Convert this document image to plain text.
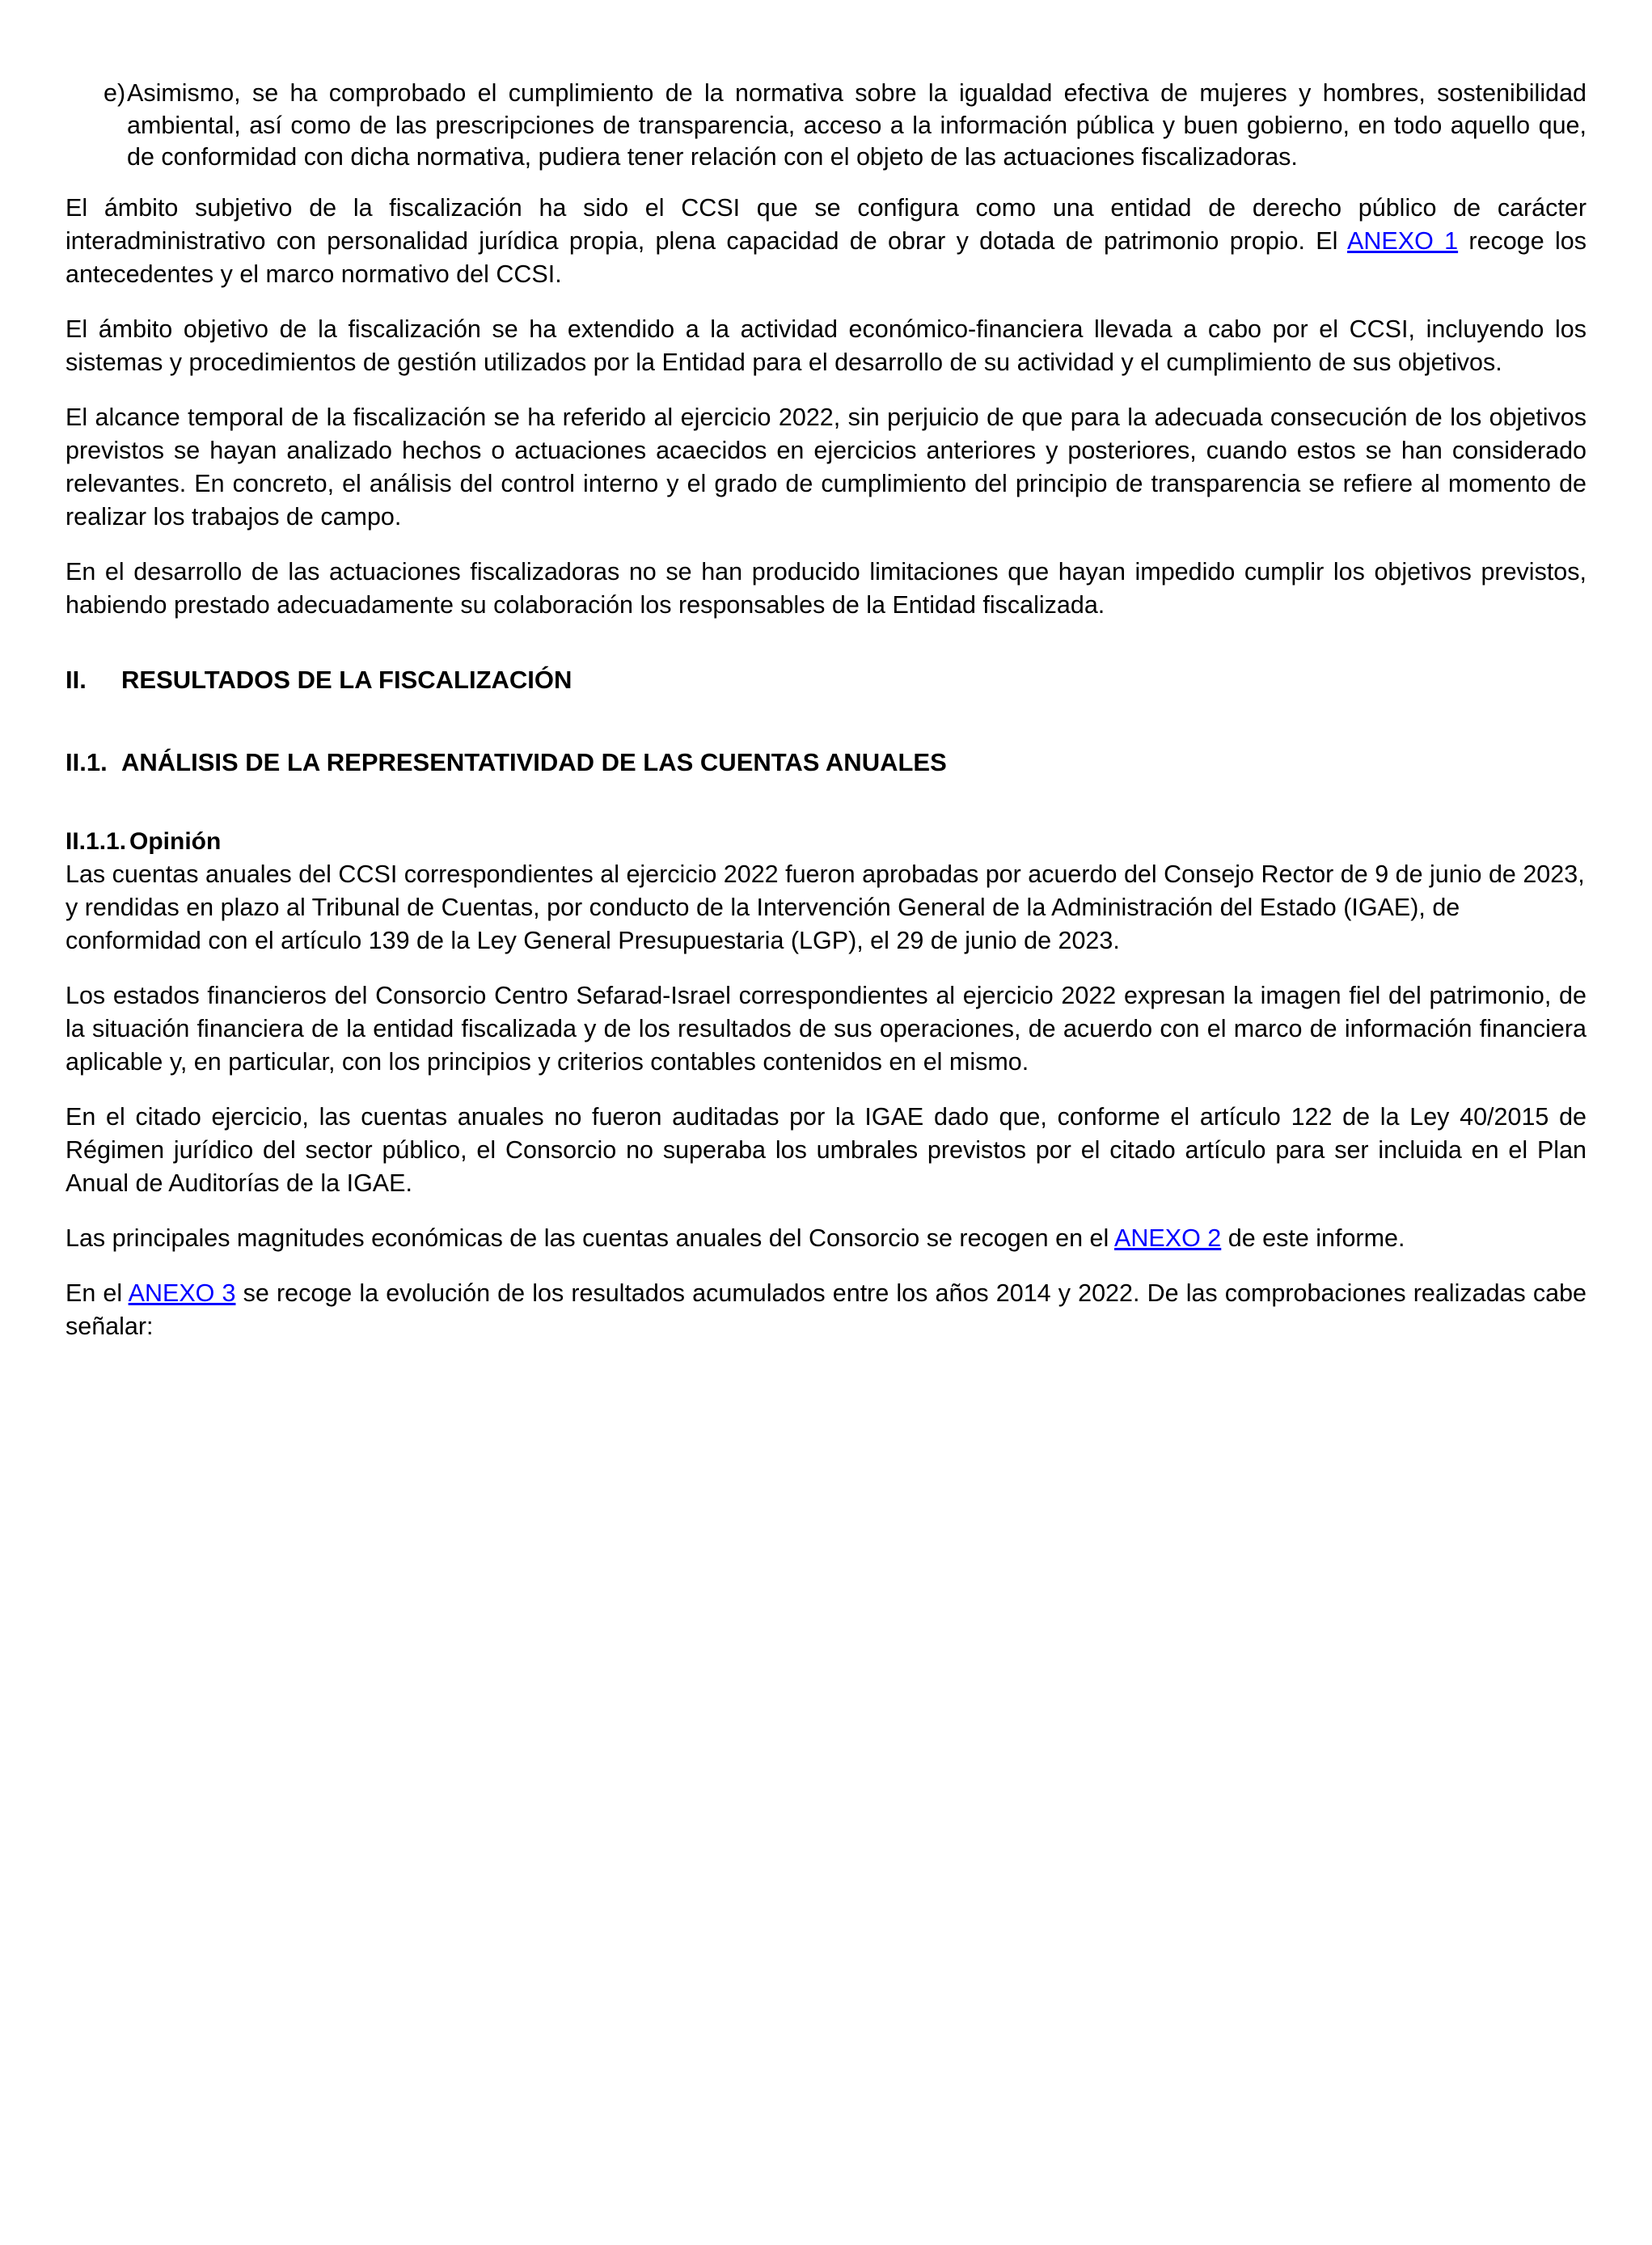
e) Asimismo, se ha comprobado el cumplimiento de la normativa sobre la igualdad efectiva de mujeres y hombres, sostenibilidad ambiental, así como de las prescripciones de transparencia, acceso a la información pública y buen gobierno, en todo aquello que, de conformidad con dicha normativa, pudiera tener relación con el objeto de las actuaciones fiscalizadoras.

El ámbito subjetivo de la fiscalización ha sido el CCSI que se configura como una entidad de derecho público de carácter interadministrativo con personalidad jurídica propia, plena capacidad de obrar y dotada de patrimonio propio. El ANEXO 1 recoge los antecedentes y el marco normativo del CCSI.

El ámbito objetivo de la fiscalización se ha extendido a la actividad económico-financiera llevada a cabo por el CCSI, incluyendo los sistemas y procedimientos de gestión utilizados por la Entidad para el desarrollo de su actividad y el cumplimiento de sus objetivos.

El alcance temporal de la fiscalización se ha referido al ejercicio 2022, sin perjuicio de que para la adecuada consecución de los objetivos previstos se hayan analizado hechos o actuaciones acaecidos en ejercicios anteriores y posteriores, cuando estos se han considerado relevantes. En concreto, el análisis del control interno y el grado de cumplimiento del principio de transparencia se refiere al momento de realizar los trabajos de campo.

En el desarrollo de las actuaciones fiscalizadoras no se han producido limitaciones que hayan impedido cumplir los objetivos previstos, habiendo prestado adecuadamente su colaboración los responsables de la Entidad fiscalizada.

II.	RESULTADOS DE LA FISCALIZACIÓN
II.1. ANÁLISIS DE LA REPRESENTATIVIDAD DE LAS CUENTAS ANUALES
II.1.1. Opinión

Las cuentas anuales del CCSI correspondientes al ejercicio 2022 fueron aprobadas por acuerdo del Consejo Rector de 9 de junio de 2023, y rendidas en plazo al Tribunal de Cuentas, por conducto de la Intervención General de la Administración del Estado (IGAE), de conformidad con el artículo 139 de la Ley General Presupuestaria (LGP), el 29 de junio de 2023.

Los estados financieros del Consorcio Centro Sefarad-Israel correspondientes al ejercicio 2022 expresan la imagen fiel del patrimonio, de la situación financiera de la entidad fiscalizada y de los resultados de sus operaciones, de acuerdo con el marco de información financiera aplicable y, en particular, con los principios y criterios contables contenidos en el mismo.

En el citado ejercicio, las cuentas anuales no fueron auditadas por la IGAE dado que, conforme el artículo 122 de la Ley 40/2015 de Régimen jurídico del sector público, el Consorcio no superaba los umbrales previstos por el citado artículo para ser incluida en el Plan Anual de Auditorías de la IGAE.

Las principales magnitudes económicas de las cuentas anuales del Consorcio se recogen en el ANEXO 2 de este informe.

En el ANEXO 3 se recoge la evolución de los resultados acumulados entre los años 2014 y 2022. De las comprobaciones realizadas cabe señalar:
